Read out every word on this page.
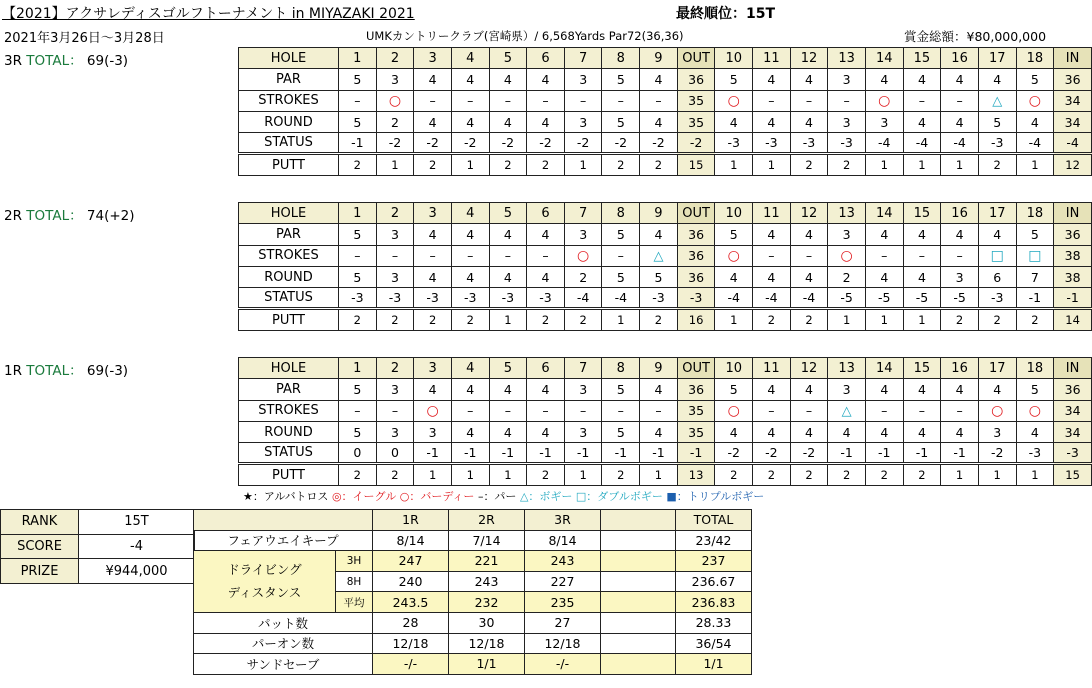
【2021】アクサレディスゴルフトーナメント in MIYAZAKI 2021	最終順位：15T
2021年3月26日～3月28日	UMKカントリークラブ(宮崎県）/ 6,568Yards Par72(36,36)	賞金総額：¥80,000,000
3R TOTAL： 69(-3)
2R TOTAL： 74(+2)
1R TOTAL： 69(-3)
HOLE	1	2	3	4	5	6	7	8	9	OUT	10	11	12	13	14	15	16	17	18	IN
PAR	5	3	4	4	4	4	3	5	4	36	5	4	4	3	4	4	4	4	5	36
STROKES	–	○	–	–	–	–	–	–	–	35	○	–	–	–	○	–	–	△	○	34
ROUND	5	2	4	4	4	4	3	5	4	35	4	4	4	3	3	4	4	5	4	34
STATUS	-1	-2	-2	-2	-2	-2	-2	-2	-2	-2	-3	-3	-3	-3	-4	-4	-4	-3	-4	-4
PUTT	2	1	2	1	2	2	1	2	2	15	1	1	2	2	1	1	1	2	1	12
HOLE	1	2	3	4	5	6	7	8	9	OUT	10	11	12	13	14	15	16	17	18	IN
PAR	5	3	4	4	4	4	3	5	4	36	5	4	4	3	4	4	4	4	5	36
STROKES	–	–	–	–	–	–	○	–	△	36	○	–	–	○	–	–	–	□	□	38
ROUND	5	3	4	4	4	4	2	5	5	36	4	4	4	2	4	4	3	6	7	38
STATUS	-3	-3	-3	-3	-3	-3	-4	-4	-3	-3	-4	-4	-4	-5	-5	-5	-5	-3	-1	-1
PUTT	2	2	2	2	1	2	2	1	2	16	1	2	2	1	1	1	2	2	2	14
HOLE	1	2	3	4	5	6	7	8	9	OUT	10	11	12	13	14	15	16	17	18	IN
PAR	5	3	4	4	4	4	3	5	4	36	5	4	4	3	4	4	4	4	5	36
STROKES	–	–	○	–	–	–	–	–	–	35	○	–	–	△	–	–	–	○	○	34
ROUND	5	3	3	4	4	4	3	5	4	35	4	4	4	4	4	4	4	3	4	34
STATUS	0	0	-1	-1	-1	-1	-1	-1	-1	-1	-2	-2	-2	-1	-1	-1	-1	-2	-3	-3
PUTT	2	2	1	1	1	2	1	2	1	13	2	2	2	2	2	2	1	1	1	15
★：アルバトロス ◎：イーグル ○：バーディー –：パー △：ボギー □：ダブルボギー ■：トリプルボギー
RANK	15T
SCORE	-4
PRIZE	¥944,000
		1R	2R	3R		TOTAL
フェアウエイキープ		8/14	7/14	8/14		23/42
ドライビング
ディスタンス	3H	247	221	243		237
	8H	240	243	227		236.67
	平均	243.5	232	235		236.83
パット数		28	30	27		28.33
パーオン数		12/18	12/18	12/18		36/54
サンドセーブ		-/-	1/1	-/-		1/1
